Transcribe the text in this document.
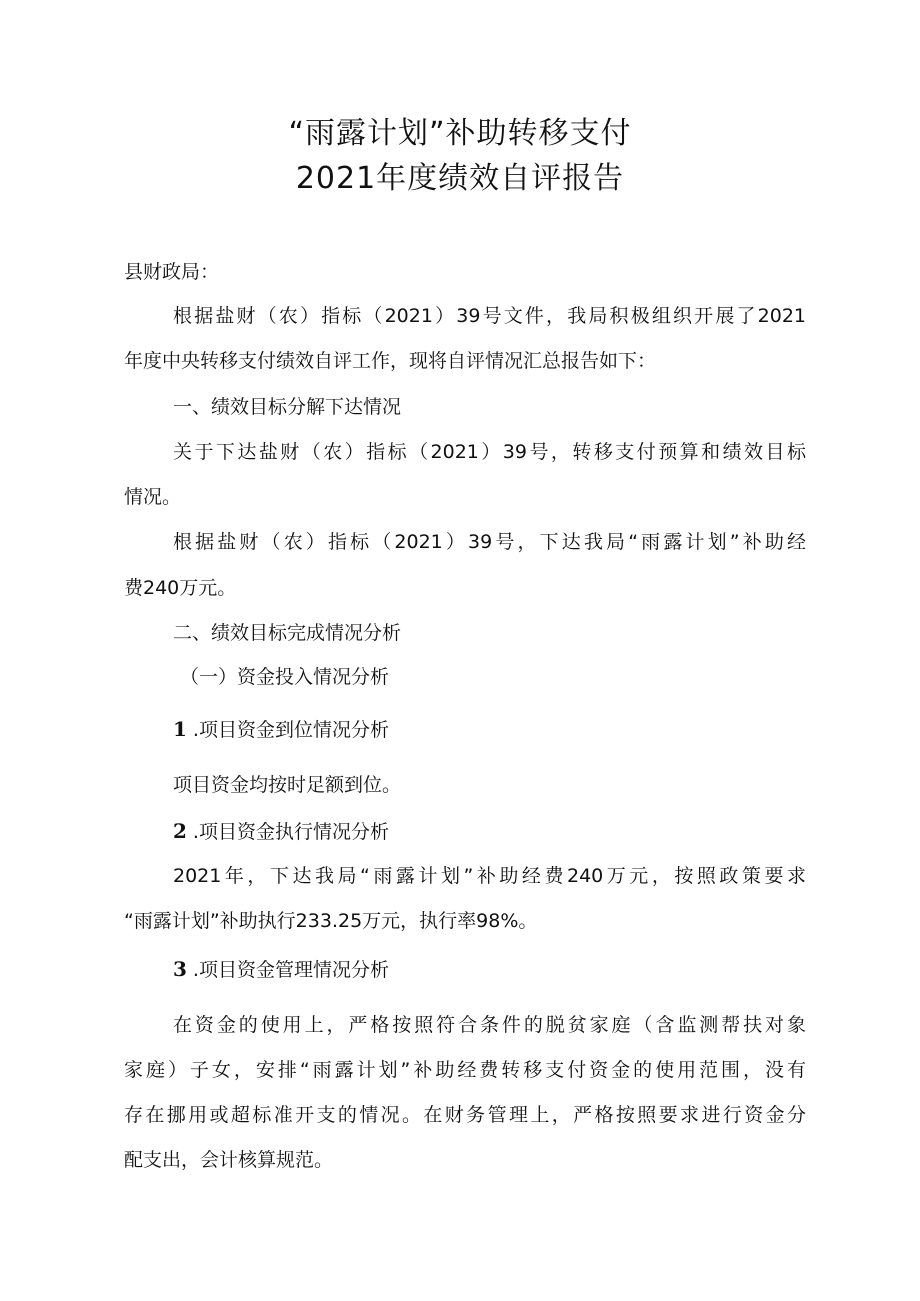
“雨露计划”补助转移支付
2021年度绩效自评报告
县财政局：
根据盐财（农）指标（2021）39号文件，我局积极组织开展了2021
年度中央转移支付绩效自评工作，现将自评情况汇总报告如下：
一、绩效目标分解下达情况
关于下达盐财（农）指标（2021）39号，转移支付预算和绩效目标
情况。
根据盐财（农）指标（2021）39号，下达我局“雨露计划”补助经
费240万元。
二、绩效目标完成情况分析
（一）资金投入情况分析
1 .项目资金到位情况分析
项目资金均按时足额到位。
2 .项目资金执行情况分析
2021年，下达我局“雨露计划”补助经费240万元，按照政策要求
“雨露计划”补助执行233.25万元，执行率98%。
3 .项目资金管理情况分析
在资金的使用上，严格按照符合条件的脱贫家庭（含监测帮扶对象
家庭）子女，安排“雨露计划”补助经费转移支付资金的使用范围，没有
存在挪用或超标准开支的情况。在财务管理上，严格按照要求进行资金分
配支出，会计核算规范。
